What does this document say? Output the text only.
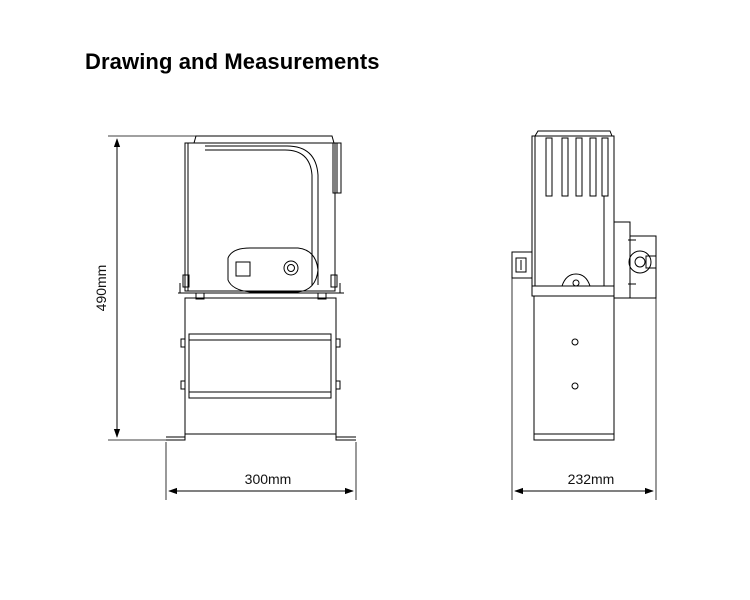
Drawing and Measurements
490mm
300mm	232mm
